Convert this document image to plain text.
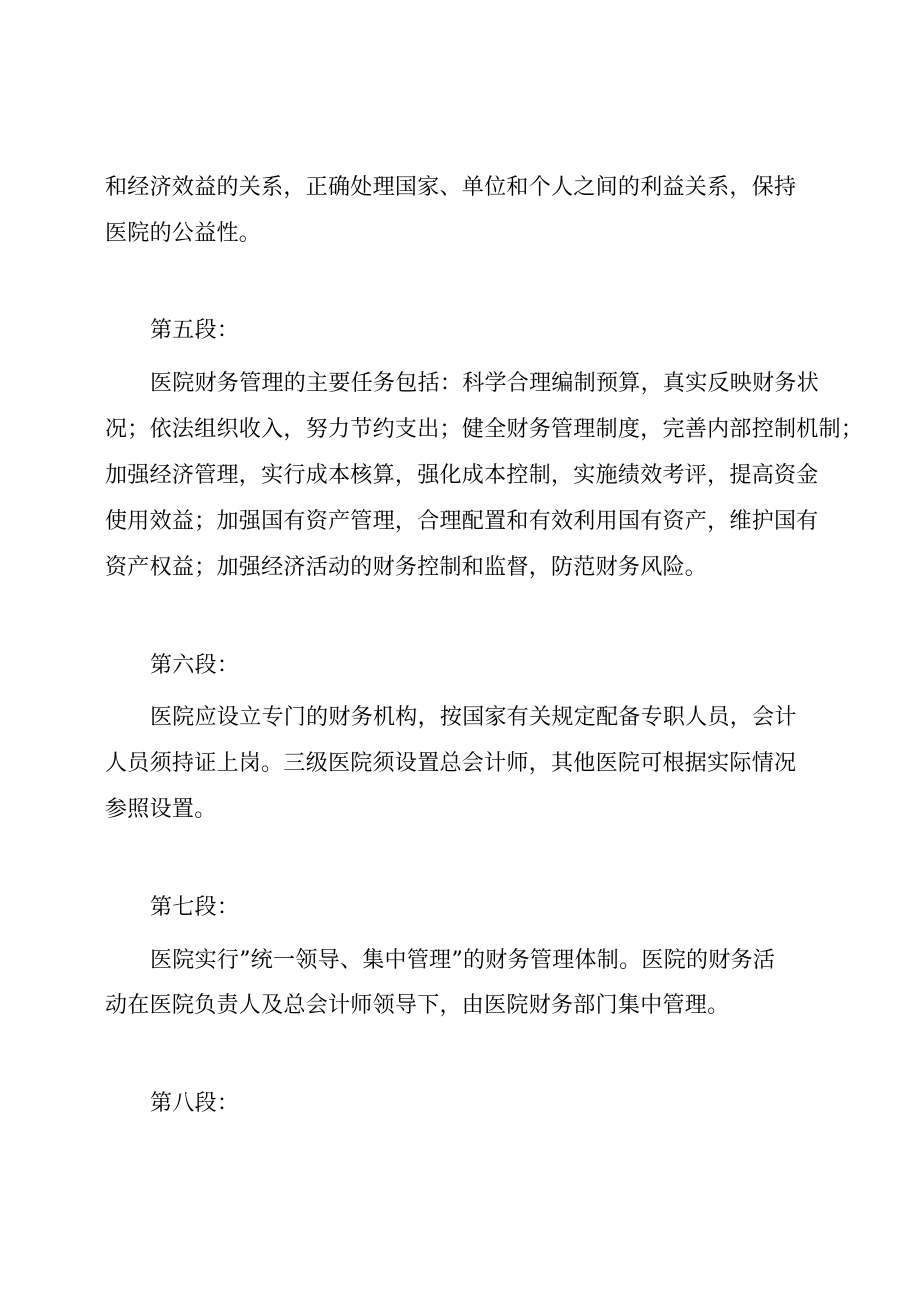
和经济效益的关系，正确处理国家、单位和个人之间的利益关系，保持
医院的公益性。
第五段：
医院财务管理的主要任务包括：科学合理编制预算，真实反映财务状
况；依法组织收入，努力节约支出；健全财务管理制度，完善内部控制机制；
加强经济管理，实行成本核算，强化成本控制，实施绩效考评，提高资金
使用效益；加强国有资产管理，合理配置和有效利用国有资产，维护国有
资产权益；加强经济活动的财务控制和监督，防范财务风险。
第六段：
医院应设立专门的财务机构，按国家有关规定配备专职人员，会计
人员须持证上岗。三级医院须设置总会计师，其他医院可根据实际情况
参照设置。
第七段：
医院实行”统一领导、集中管理”的财务管理体制。医院的财务活
动在医院负责人及总会计师领导下，由医院财务部门集中管理。
第八段：
